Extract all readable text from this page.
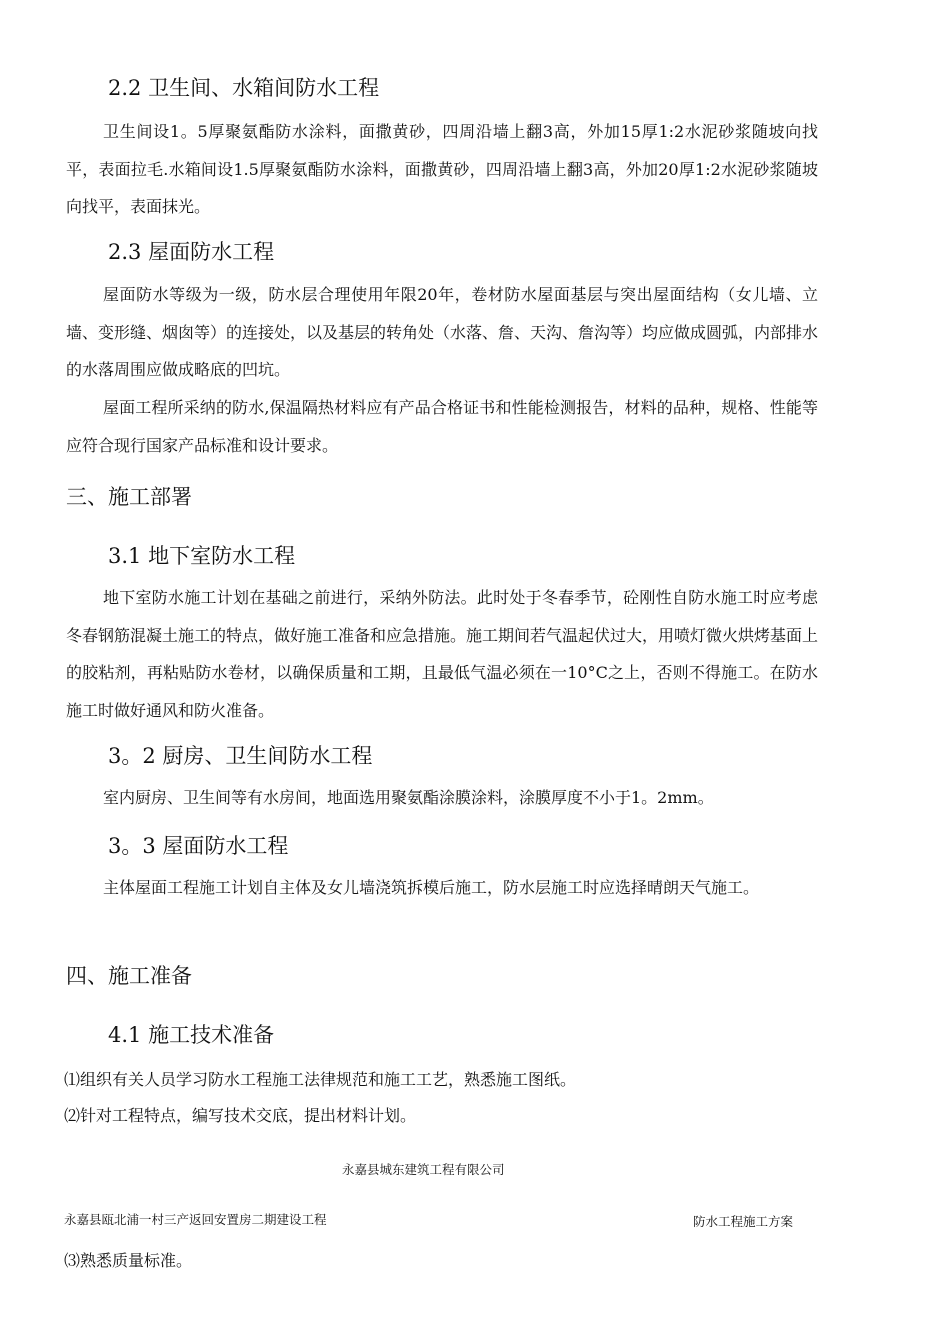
2.2 卫生间、水箱间防水工程
卫生间设1。5厚聚氨酯防水涂料，面撒黄砂，四周沿墙上翻3高，外加15厚1:2水泥砂浆随坡向找平，表面拉毛.水箱间设1.5厚聚氨酯防水涂料，面撒黄砂，四周沿墙上翻3高，外加20厚1:2水泥砂浆随坡向找平，表面抹光。
2.3 屋面防水工程
屋面防水等级为一级，防水层合理使用年限20年，卷材防水屋面基层与突出屋面结构（女儿墙、立墙、变形缝、烟囱等）的连接处，以及基层的转角处（水落、詹、天沟、詹沟等）均应做成圆弧，内部排水的水落周围应做成略底的凹坑。
屋面工程所采纳的防水,保温隔热材料应有产品合格证书和性能检测报告，材料的品种，规格、性能等应符合现行国家产品标准和设计要求。
三、施工部署
3.1 地下室防水工程
地下室防水施工计划在基础之前进行，采纳外防法。此时处于冬春季节，砼刚性自防水施工时应考虑冬春钢筋混凝土施工的特点，做好施工准备和应急措施。施工期间若气温起伏过大，用喷灯微火烘烤基面上的胶粘剂，再粘贴防水卷材，以确保质量和工期，且最低气温必须在一10°C之上，否则不得施工。在防水施工时做好通风和防火准备。
3。2 厨房、卫生间防水工程
室内厨房、卫生间等有水房间，地面选用聚氨酯涂膜涂料，涂膜厚度不小于1。2mm。
3。3 屋面防水工程
主体屋面工程施工计划自主体及女儿墙浇筑拆模后施工，防水层施工时应选择晴朗天气施工。
四、施工准备
4.1 施工技术准备
⑴组织有关人员学习防水工程施工法律规范和施工工艺，熟悉施工图纸。
⑵针对工程特点，编写技术交底，提出材料计划。
永嘉县城东建筑工程有限公司
永嘉县瓯北浦一村三产返回安置房二期建设工程	防水工程施工方案
⑶熟悉质量标准。
